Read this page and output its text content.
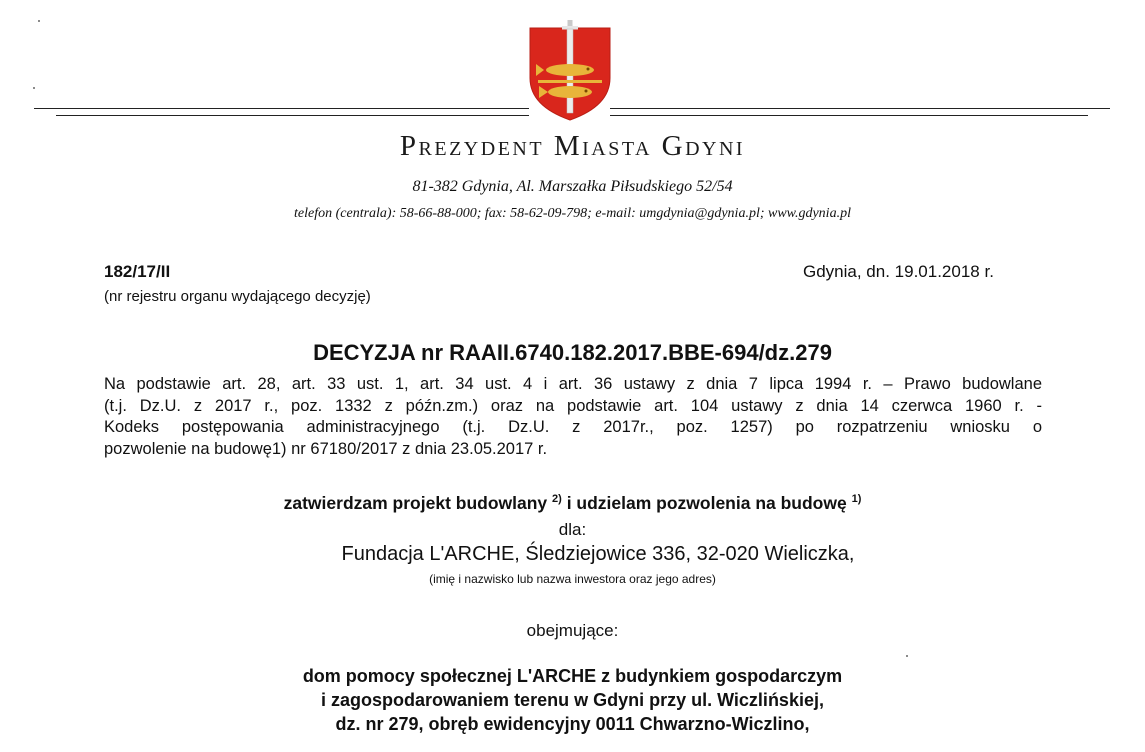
Prezydent Miasta Gdyni
81-382 Gdynia, Al. Marszałka Piłsudskiego 52/54
telefon (centrala): 58-66-88-000; fax: 58-62-09-798; e-mail: umgdynia@gdynia.pl; www.gdynia.pl
182/17/II
(nr rejestru organu wydającego decyzję)
Gdynia, dn. 19.01.2018 r.
DECYZJA nr RAAII.6740.182.2017.BBE-694/dz.279
Na podstawie art. 28, art. 33 ust. 1, art. 34 ust. 4 i art. 36 ustawy z dnia 7 lipca 1994 r. – Prawo budowlane
(t.j. Dz.U. z 2017 r., poz. 1332 z późn.zm.) oraz na podstawie art. 104 ustawy z dnia 14 czerwca 1960 r. -
Kodeks postępowania administracyjnego (t.j. Dz.U. z 2017r., poz. 1257) po rozpatrzeniu wniosku o
pozwolenie na budowę1) nr 67180/2017 z dnia 23.05.2017 r.
zatwierdzam projekt budowlany $^{2)}$ i udzielam pozwolenia na budowę $^{1)}$
dla:
Fundacja L'ARCHE, Śledziejowice 336, 32-020 Wieliczka,
(imię i nazwisko lub nazwa inwestora oraz jego adres)
obejmujące:
dom pomocy społecznej L'ARCHE z budynkiem gospodarczym
i zagospodarowaniem terenu w Gdyni przy ul. Wiczlińskiej,
dz. nr 279, obręb ewidencyjny 0011 Chwarzno-Wiczlino,
